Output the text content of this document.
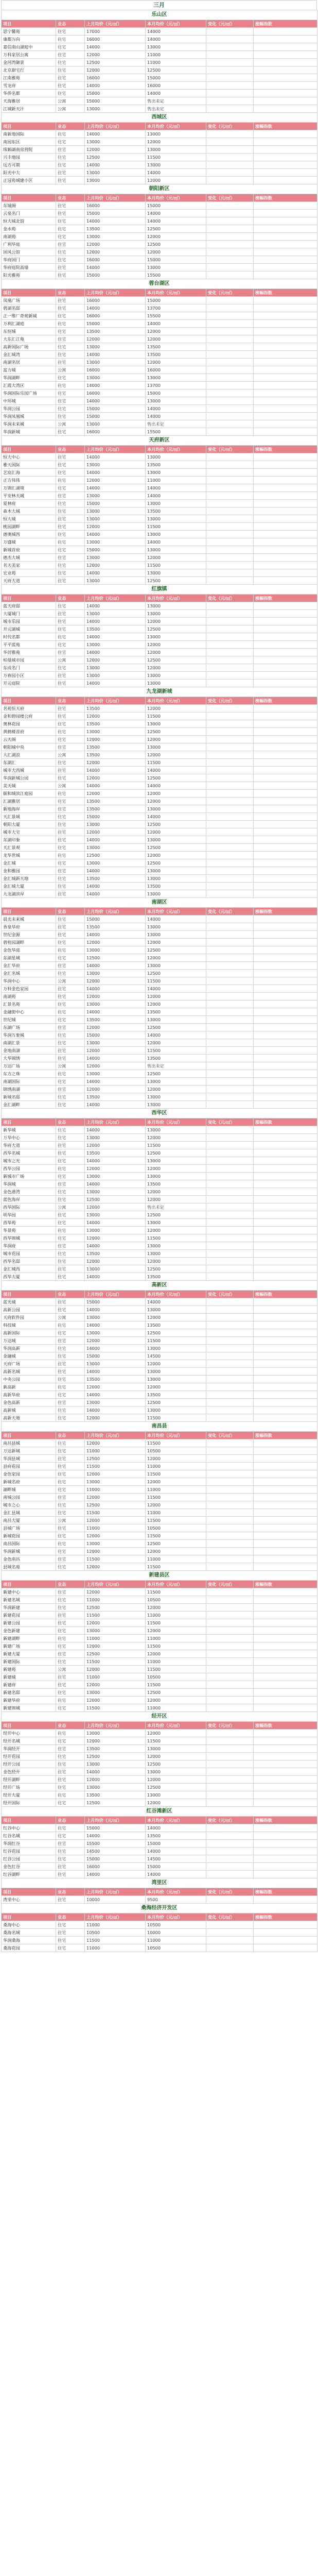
三月
乐山区					
项目	业态	上月均价（元/㎡）	本月均价（元/㎡）	变化（元/㎡）	涨幅指数
思宁馨苑	住宅	17000	14000		
康都万向	住宅	16000	14000		
嘉信南山湖庭中	住宅	14000	13000		
万科家居公寓	住宅	12000	11000		
金河湾御景	住宅	12500	11000		
北京甜宅行	住宅	12000	12500		
江南雅苑	住宅	16000	15000		
雪龙府	住宅	14000	16000		
华侨名都	住宅	15000	14000		
天海雅居	公寓	15000	售出未定		
江城新天汁	公寓	13000	售出未定		
西城区					
项目	业态	上月均价（元/㎡）	本月均价（元/㎡）	变化（元/㎡）	涨幅指数
南新地国际	住宅	14000	13000		
南园东区	住宅	13000	12000		
珠颖湖南房营院	住宅	12000	13000		
兴丰地园	住宅	12500	11500		
远方可期	住宅	14000	13000		
阳光中大	住宅	13000	14000		
正冠苑城建小区	住宅	13000	12000		
朝阳新区					
项目	业态	上月均价（元/㎡）	本月均价（元/㎡）	变化（元/㎡）	涨幅指数
东城阁	住宅	16000	15000		
云泉名门	住宅	15000	14000		
恒大城北馆	住宅	14000	14000		
金水苑	住宅	13500	12500		
南湖苑	住宅	13000	12000		
广利华庭	住宅	12000	12500		
国风公馆	住宅	12000	12000		
华府国门	住宅	16000	15000		
华府庭院高墙	住宅	14000	13000		
阳光雅苑	住宅	15000	15500		
蓉台湖区					
项目	业态	上月均价（元/㎡）	本月均价（元/㎡）	变化（元/㎡）	涨幅指数
凤凰广场	住宅	16000	15000		
碧湖名邸	住宅	14000	13700		
正一维厂奇苑新城	住宅	16000	15500		
万利汇湖庭	住宅	15000	14000		
东恒城	住宅	13500	12000		
大东汇江苑	住宅	12000	12000		
高新国际广场	住宅	13000	13500		
金汇城湾	住宅	14000	13500		
南湖名居	住宅	13000	12000		
富力城	公寓	16000	16000		
华润湖畔	住宅	13000	13000		
汇霞大湾区	住宅	14000	13700		
华润国际乐园广场	住宅	16000	15000		
中环城	住宅	14000	13000		
华润公园	住宅	15000	14000		
华润凤凰城	住宅	15000	14000		
华润未来城	公寓	13000	售出未定		
华润新城	住宅	16000	15500		
天府新区					
项目	业态	上月均价（元/㎡）	本月均价（元/㎡）	变化（元/㎡）	涨幅指数
恒大中心	住宅	14000	13000		
雅天国际	住宅	13000	13500		
艺宸汇海	住宅	14000	13000		
正方伟伟	住宅	12000	11000		
万锦汇湖境	住宅	14000	14000		
平安林天城	住宅	13000	14000		
夏林府	住宅	15000	13000		
森木大城	住宅	13000	13500		
恒大城	住宅	13000	13000		
桃园湖畔	住宅	12000	11500		
德奥城西	住宅	14000	13000		
万盛城	住宅	13000	14000		
新城首府	住宅	15000	13000		
德杰大城	住宅	13000	12000		
名天美家	住宅	12000	11500		
宏业苑	住宅	14000	13000		
天府大道	住宅	13000	12500		
红旗镇					
项目	业态	上月均价（元/㎡）	本月均价（元/㎡）	变化（元/㎡）	涨幅指数
蓝天府邸	住宅	14000	13000		
大厦城门	住宅	13000	13000		
城市乐园	住宅	14000	12000		
开元湖城	住宅	13500	12500		
时代名都	住宅	14000	13000		
平平蓝苑	住宅	13000	12000		
华居雅苑	住宅	14000	12000		
柏曼城市园	公寓	12000	12500		
东成名门	住宅	13000	12000		
万春园小区	住宅	13000	13000		
开元庭院	住宅	14000	13000		
九龙湖新城					
项目	业态	上月均价（元/㎡）	本月均价（元/㎡）	变化（元/㎡）	涨幅指数
名苑恒天府	住宅	13500	12000		
金和碧园楼公府	住宅	12000	11500		
奥林花园	住宅	13500	13000		
黄鹤楼首府	住宅	13000	12500		
云天阁	住宅	12000	12000		
朝阳城中央	住宅	13500	13000		
大汇湖浪	公寓	13500	12000		
东湖汇	住宅	12000	11500		
城市大西城	住宅	14000	14000		
华润新城公园	住宅	12000	12500		
美天城	公寓	14000	14000		
颐和城滨江庭园	住宅	12000	12000		
汇湖雅居	住宅	13500	12000		
新地海岸	住宅	13500	13000		
天汇景城	住宅	15000	14000		
朝阳大厦	住宅	13000	12500		
城市大宅	住宅	12000	12000		
东湖印象	住宅	14000	13000		
天汇景观	住宅	13000	12500		
龙华世城	住宅	12500	12000		
金汇城	住宅	13000	12500		
金和雅园	住宅	14000	13000		
金汇城新天地	住宅	13500	13000		
金汇城大厦	住宅	14000	13500		
九龙湖滨岸	住宅	14000	13000		
南湖区					
项目	业态	上月均价（元/㎡）	本月均价（元/㎡）	变化（元/㎡）	涨幅指数
晨光未来城	住宅	15000	14000		
香泉华府	住宅	13500	13000		
世纪金源	住宅	14000	13000		
碧桂园湖畔	住宅	12000	12000		
金色华庭	住宅	13000	12500		
东湖星城	住宅	12500	12000		
金汇华府	住宅	14000	13000		
金汇名城	住宅	13000	12500		
华润中心	公寓	12000	11500		
万科金色家园	住宅	14000	14000		
南湖苑	住宅	12000	12000		
汇景名苑	住宅	13000	12000		
金融街中心	住宅	14000	13500		
世纪城	住宅	13500	13000		
东湖广场	住宅	12000	12500		
华润万象城	住宅	15000	14000		
南湖汇景	住宅	13000	12000		
金地南湖	住宅	12000	11500		
大华锦绣	住宅	14000	13500		
万达广场	公寓	12000	售出未定		
东方之珠	住宅	13000	12500		
南湖国际	住宅	14000	13000		
锦绣南湖	住宅	12000	12000		
新城名邸	住宅	13500	13000		
金汇湖畔	住宅	14000	13000		
西华区					
项目	业态	上月均价（元/㎡）	本月均价（元/㎡）	变化（元/㎡）	涨幅指数
新华城	住宅	14000	13000		
万华中心	住宅	13000	12000		
华府大道	住宅	12000	11500		
西华名城	住宅	13500	12500		
城市之光	住宅	14000	13000		
西华公园	住宅	12000	12000		
新城市广场	住宅	13000	13000		
华润城	住宅	14000	13500		
金色港湾	住宅	13000	12000		
蓝色海岸	住宅	12500	12000		
西华国际	公寓	12000	售出未定		
明华园	住宅	13000	12500		
西华苑	住宅	14000	13000		
华景苑	住宅	13000	12000		
西华锦城	住宅	12000	11500		
华润府	住宅	14000	13000		
城市花园	住宅	13500	13000		
西华名邸	住宅	12000	12000		
金汇城西	住宅	13000	12500		
西华大厦	住宅	14000	13500		
高新区					
项目	业态	上月均价（元/㎡）	本月均价（元/㎡）	变化（元/㎡）	涨幅指数
蓝光城	住宅	15000	14000		
高新公园	住宅	14000	13000		
天府软件园	公寓	13000	12000		
科技城	住宅	14000	13500		
高新国际	住宅	13000	12500		
万达城	住宅	12000	11500		
华润高新	住宅	14000	13000		
金融城	住宅	15000	14500		
天府广场	住宅	13000	12000		
高新名城	住宅	14000	13000		
中央公园	住宅	13500	13000		
新高新	住宅	12000	12000		
高新华府	住宅	14000	13500		
金色高新	住宅	13000	12500		
高新城	住宅	14000	13000		
高新天地	住宅	12000	11500		
南昌县					
项目	业态	上月均价（元/㎡）	本月均价（元/㎡）	变化（元/㎡）	涨幅指数
南昌县城	住宅	12000	11500		
万达新城	住宅	11000	10500		
华润县城	住宅	12500	12000		
县府花园	住宅	11500	11000		
金色家园	住宅	12000	11500		
新城名府	住宅	13000	12000		
湖畔城	住宅	11000	11000		
南城公园	住宅	12000	11500		
城市之心	住宅	12500	12000		
金汇县城	住宅	11500	11000		
南昌大厦	公寓	12000	11500		
县城广场	住宅	11000	10500		
新城花园	住宅	12000	11500		
南昌国际	住宅	13000	12500		
华润新城	住宅	12000	12000		
金色南昌	住宅	11500	11000		
县城名苑	住宅	12000	11500		
新建县区					
项目	业态	上月均价（元/㎡）	本月均价（元/㎡）	变化（元/㎡）	涨幅指数
新建中心	住宅	12000	11500		
新建名城	住宅	11000	10500		
华润新建	住宅	12500	12000		
新建花园	住宅	11500	11000		
新建公园	住宅	12000	11500		
金色新建	住宅	13000	12000		
新建湖畔	住宅	11000	11000		
新建广场	住宅	12000	11500		
新建大厦	住宅	12500	12000		
新建国际	住宅	11500	11000		
新建苑	公寓	12000	11500		
新建城	住宅	11000	10500		
新建府	住宅	12000	11500		
新建名邸	住宅	13000	12500		
新建华府	住宅	12000	12000		
新建锦城	住宅	11500	11000		
经开区					
项目	业态	上月均价（元/㎡）	本月均价（元/㎡）	变化（元/㎡）	涨幅指数
经开中心	住宅	13000	12000		
经开名城	住宅	12000	11500		
华润经开	住宅	13500	13000		
经开花园	住宅	12500	12000		
经开公园	住宅	13000	12500		
金色经开	住宅	14000	13000		
经开湖畔	住宅	12000	12000		
经开广场	住宅	13000	12500		
经开大厦	住宅	13500	13000		
经开国际	住宅	12500	12000		
红谷滩新区					
项目	业态	上月均价（元/㎡）	本月均价（元/㎡）	变化（元/㎡）	涨幅指数
红谷中心	住宅	15000	14000		
红谷名城	住宅	14000	13500		
华润红谷	住宅	15500	15000		
红谷花园	住宅	14500	14000		
红谷公园	住宅	15000	14500		
金色红谷	住宅	16000	15000		
红谷湖畔	住宅	14000	14000		
湾里区					
项目	业态	上月均价（元/㎡）	本月均价（元/㎡）	变化（元/㎡）	涨幅指数
湾里中心	住宅	10000	9500		
桑海经济开发区					
项目	业态	上月均价（元/㎡）	本月均价（元/㎡）	变化（元/㎡）	涨幅指数
桑海中心	住宅	11000	10500		
桑海名城	住宅	10500	10000		
华润桑海	住宅	11500	11000		
桑海花园	住宅	11000	10500		
